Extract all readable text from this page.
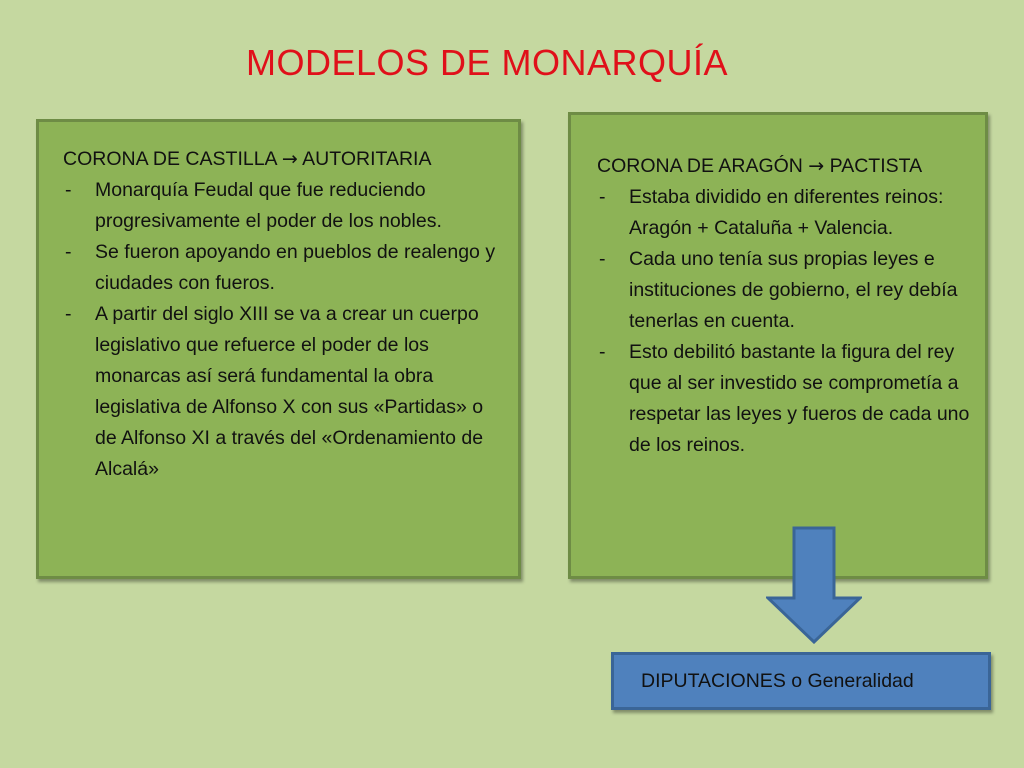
MODELOS DE MONARQUÍA
CORONA DE CASTILLA → AUTORITARIA
- Monarquía Feudal que fue reduciendo progresivamente el poder de los nobles.
- Se fueron apoyando en pueblos de realengo y ciudades con fueros.
- A partir del siglo XIII se va a crear un cuerpo legislativo que refuerce el poder de los monarcas así será fundamental la obra legislativa de Alfonso X con sus «Partidas» o de Alfonso XI a través del «Ordenamiento de Alcalá»
CORONA DE ARAGÓN → PACTISTA
- Estaba dividido en diferentes reinos: Aragón + Cataluña + Valencia.
- Cada uno tenía sus propias leyes e instituciones de gobierno, el rey debía tenerlas en cuenta.
- Esto debilitó bastante la figura del rey que al ser investido se comprometía a respetar las leyes y fueros de cada uno de los reinos.
DIPUTACIONES o Generalidad
